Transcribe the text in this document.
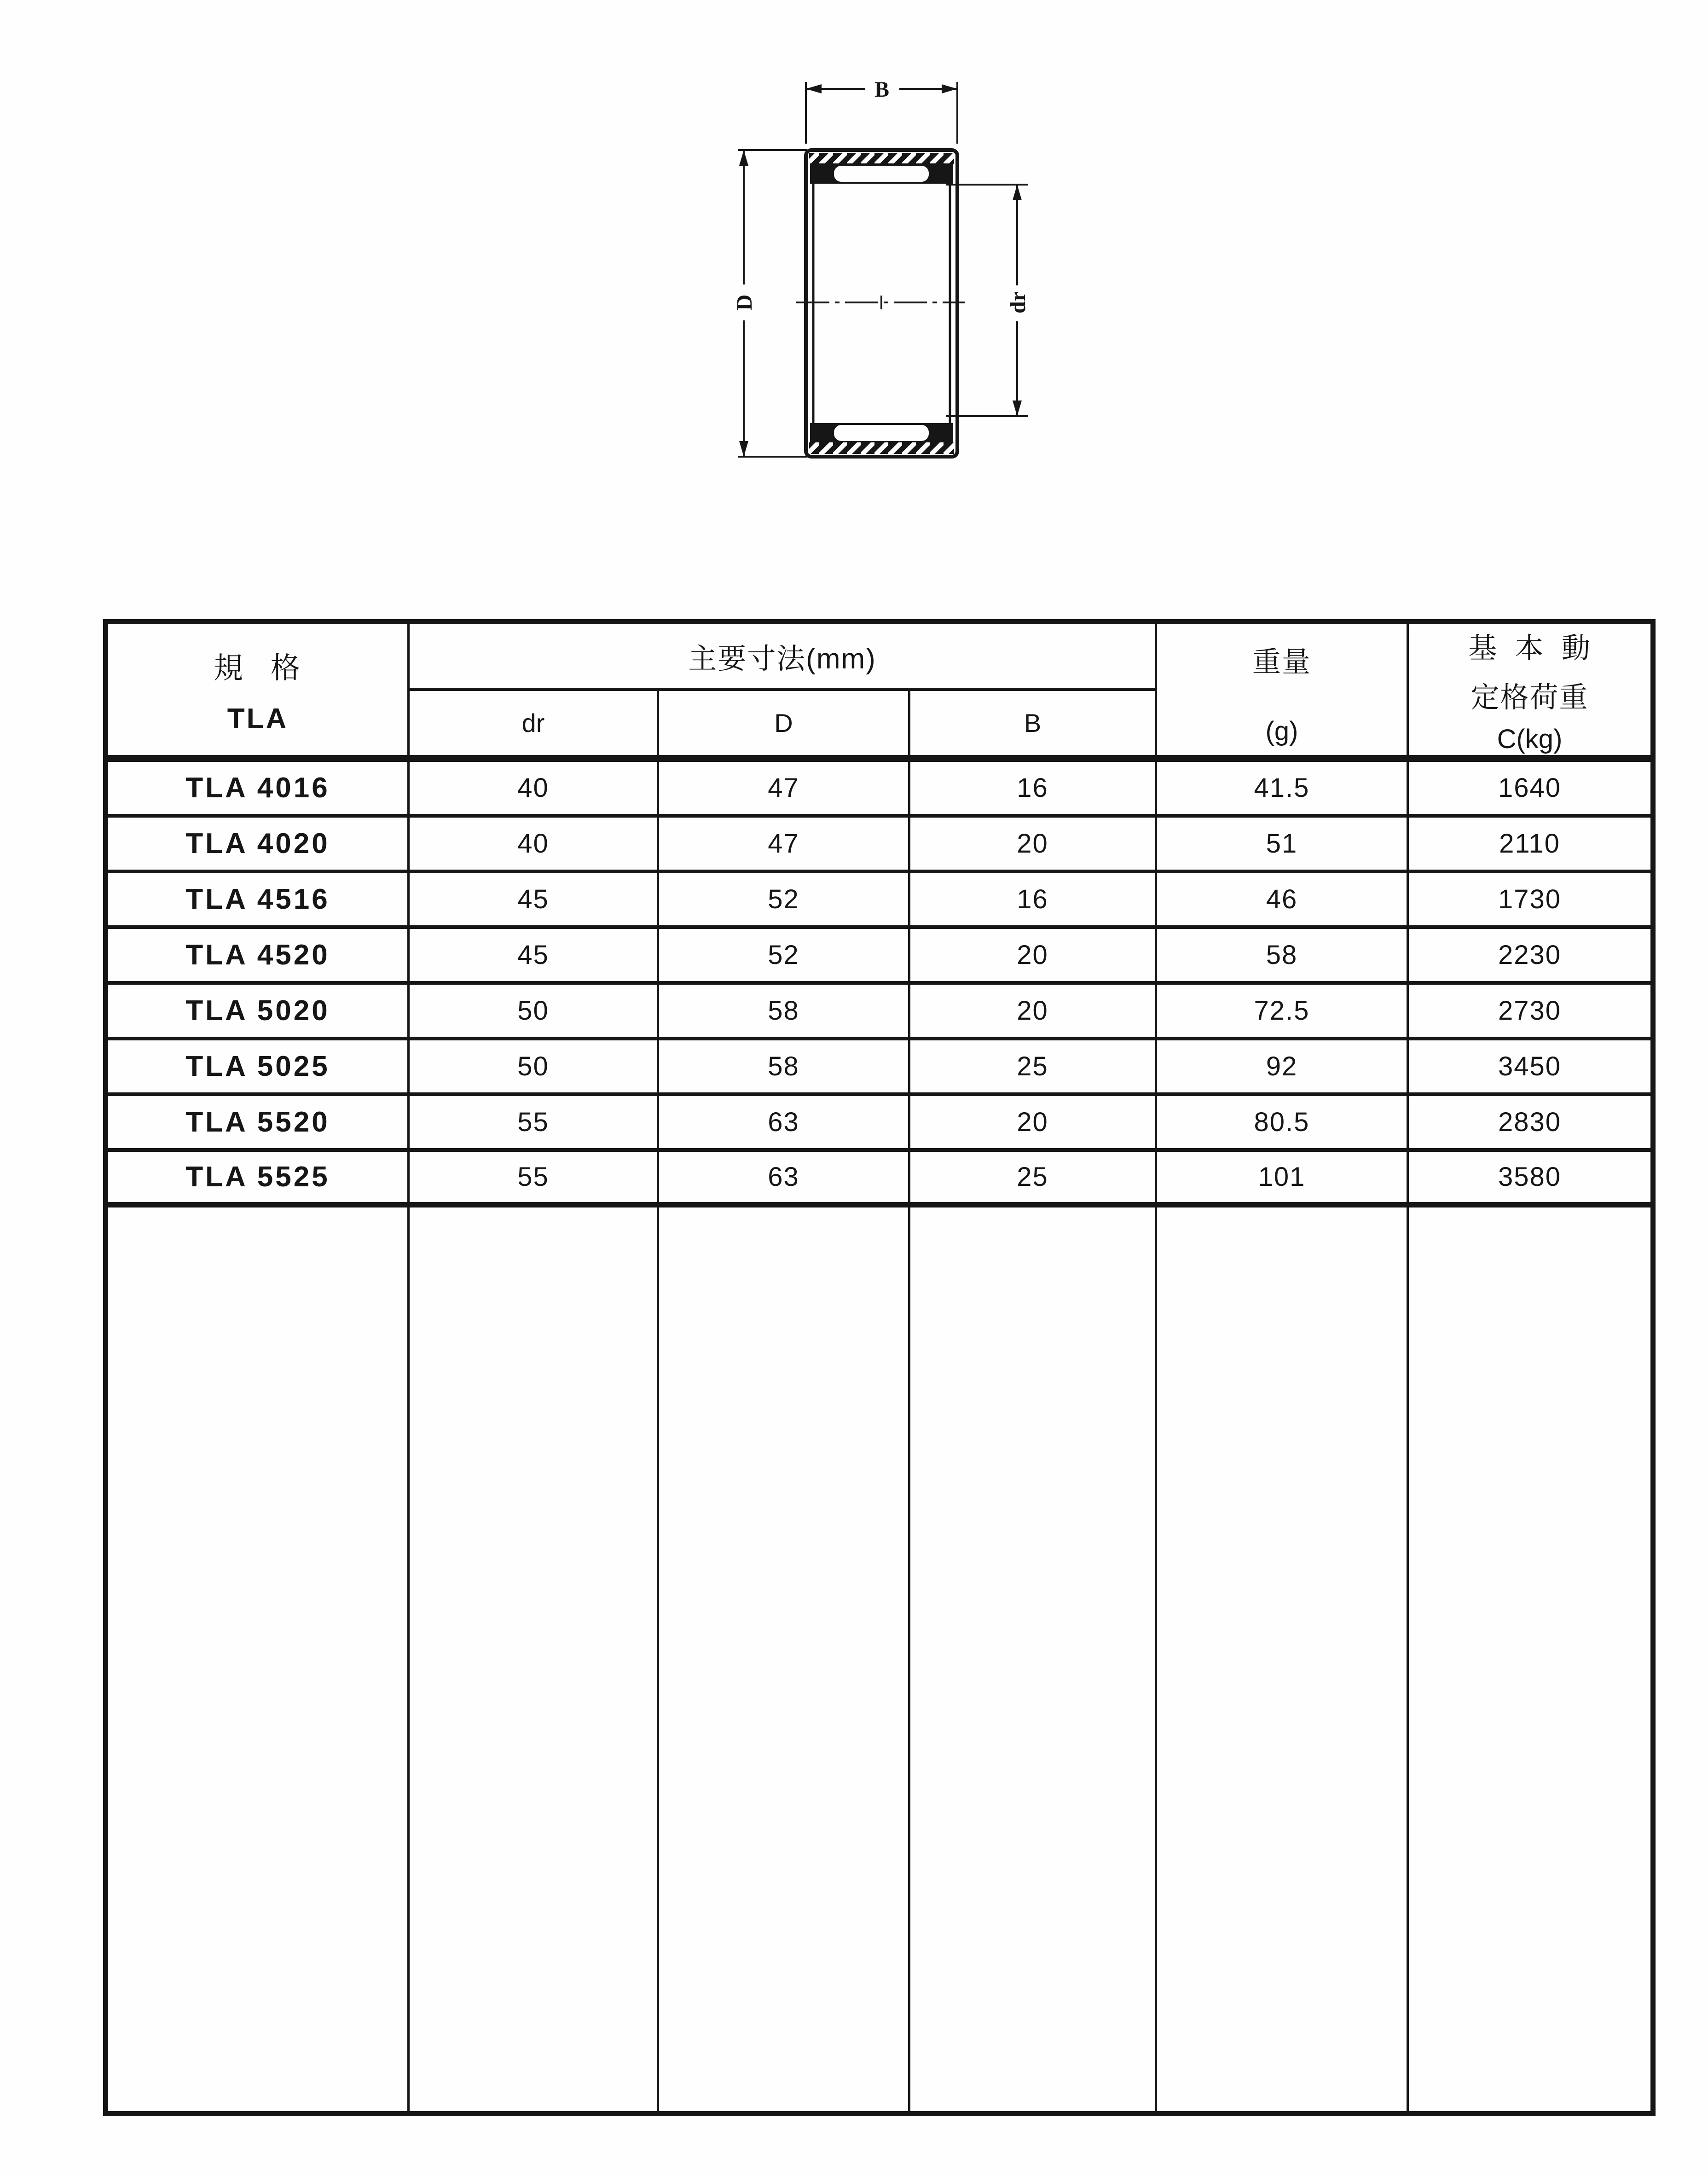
B
D	dr
規 格
TLA
主要寸法(mm)
dr	D	B
重量
(g)
基 本 動
定格荷重
C(kg)
TLA 4016	40	47	16	41.5	1640
TLA 4020	40	47	20	51	2110
TLA 4516	45	52	16	46	1730
TLA 4520	45	52	20	58	2230
TLA 5020	50	58	20	72.5	2730
TLA 5025	50	58	25	92	3450
TLA 5520	55	63	20	80.5	2830
TLA 5525	55	63	25	101	3580
